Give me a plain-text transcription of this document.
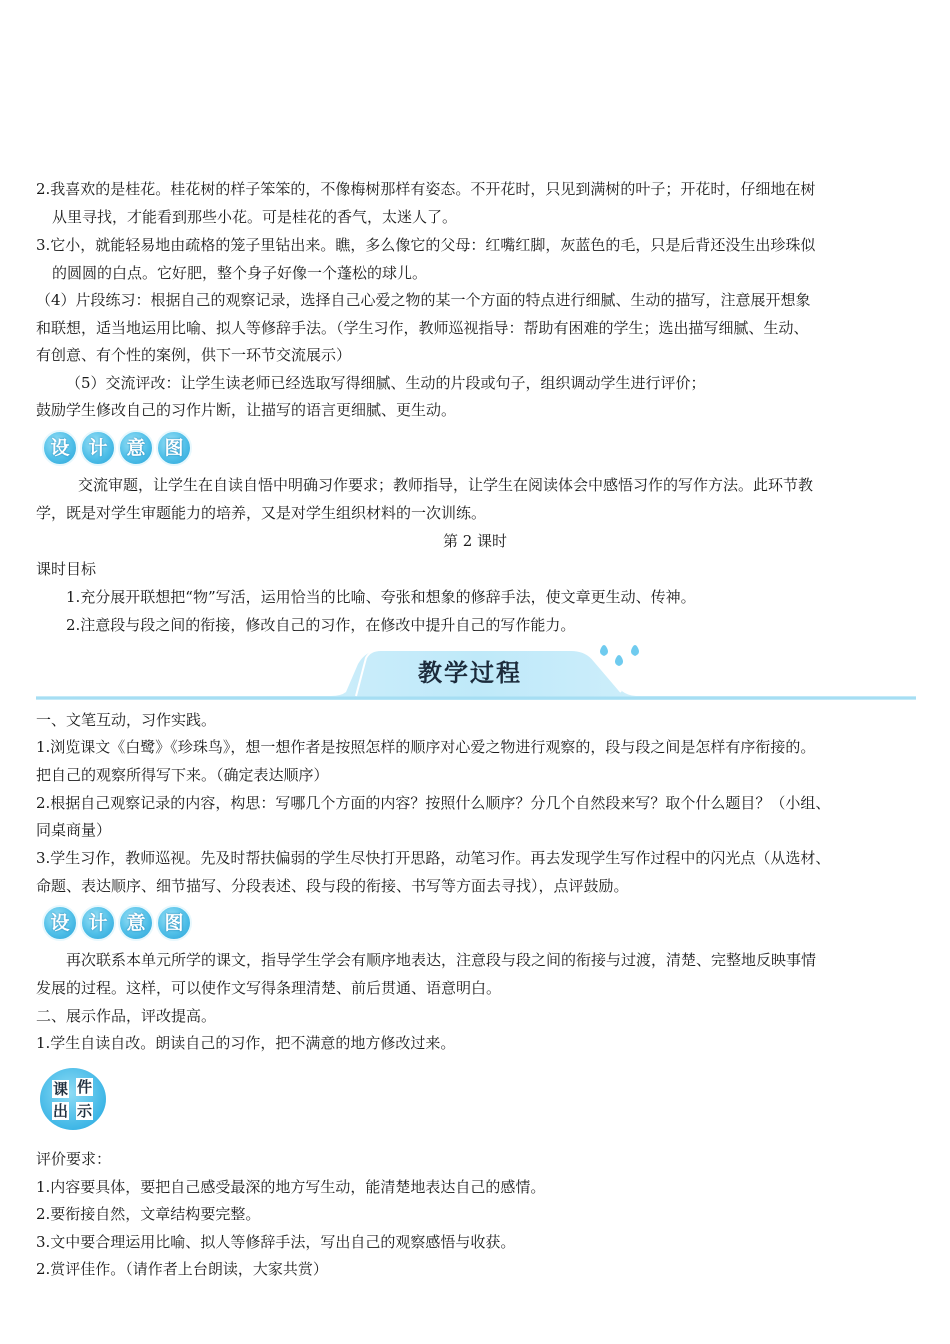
2.我喜欢的是桂花。桂花树的样子笨笨的，不像梅树那样有姿态。不开花时，只见到满树的叶子；开花时，仔细地在树
从里寻找，才能看到那些小花。可是桂花的香气，太迷人了。
3.它小，就能轻易地由疏格的笼子里钻出来。瞧，多么像它的父母：红嘴红脚，灰蓝色的毛，只是后背还没生出珍珠似
的圆圆的白点。它好肥，整个身子好像一个蓬松的球儿。
（4）片段练习：根据自己的观察记录，选择自己心爱之物的某一个方面的特点进行细腻、生动的描写，注意展开想象
和联想，适当地运用比喻、拟人等修辞手法。（学生习作，教师巡视指导：帮助有困难的学生；选出描写细腻、生动、
有创意、有个性的案例，供下一环节交流展示）
（5）交流评改：让学生读老师已经选取写得细腻、生动的片段或句子，组织调动学生进行评价；
鼓励学生修改自己的习作片断，让描写的语言更细腻、更生动。
设 计 意 图
交流审题，让学生在自读自悟中明确习作要求；教师指导，让学生在阅读体会中感悟习作的写作方法。此环节教
学，既是对学生审题能力的培养，又是对学生组织材料的一次训练。
第 2 课时
课时目标
1.充分展开联想把“物”写活，运用恰当的比喻、夸张和想象的修辞手法，使文章更生动、传神。
2.注意段与段之间的衔接，修改自己的习作，在修改中提升自己的写作能力。
教学过程
一、文笔互动，习作实践。
1.浏览课文《白鹭》《珍珠鸟》，想一想作者是按照怎样的顺序对心爱之物进行观察的，段与段之间是怎样有序衔接的。
把自己的观察所得写下来。（确定表达顺序）
2.根据自己观察记录的内容，构思：写哪几个方面的内容？按照什么顺序？分几个自然段来写？取个什么题目？（小组、
同桌商量）
3.学生习作，教师巡视。先及时帮扶偏弱的学生尽快打开思路，动笔习作。再去发现学生写作过程中的闪光点（从选材、
命题、表达顺序、细节描写、分段表述、段与段的衔接、书写等方面去寻找），点评鼓励。
设 计 意 图
再次联系本单元所学的课文，指导学生学会有顺序地表达，注意段与段之间的衔接与过渡，清楚、完整地反映事情
发展的过程。这样，可以使作文写得条理清楚、前后贯通、语意明白。
二、展示作品，评改提高。
1.学生自读自改。朗读自己的习作，把不满意的地方修改过来。
课 件
出 示
评价要求：
1.内容要具体，要把自己感受最深的地方写生动，能清楚地表达自己的感情。
2.要衔接自然，文章结构要完整。
3.文中要合理运用比喻、拟人等修辞手法，写出自己的观察感悟与收获。
2.赏评佳作。（请作者上台朗读，大家共赏）
